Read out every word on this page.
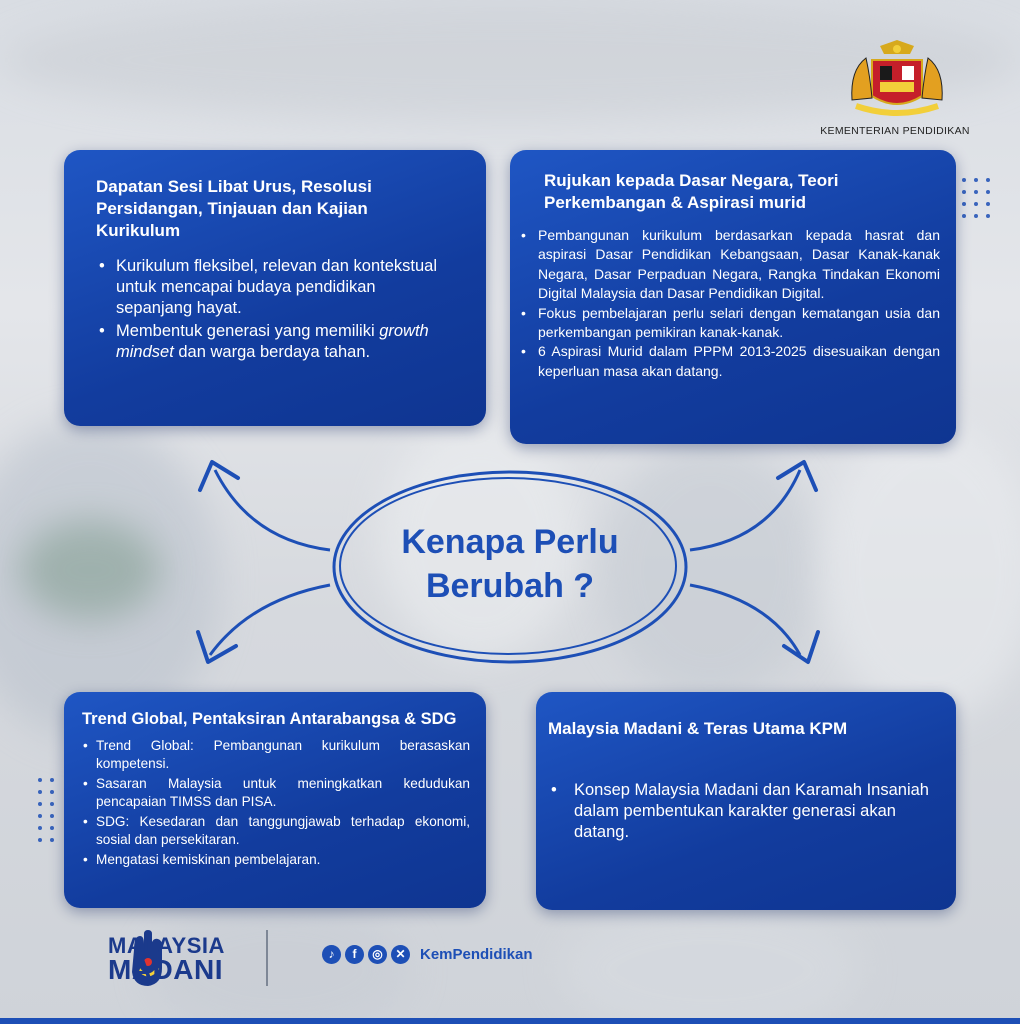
KEMENTERIAN PENDIDIKAN
Dapatan Sesi Libat Urus, Resolusi Persidangan, Tinjauan dan Kajian Kurikulum
• Kurikulum fleksibel, relevan dan kontekstual untuk mencapai budaya pendidikan sepanjang hayat.
• Membentuk generasi yang memiliki growth mindset dan warga berdaya tahan.
Rujukan kepada Dasar Negara, Teori Perkembangan & Aspirasi murid
• Pembangunan kurikulum berdasarkan kepada hasrat dan aspirasi Dasar Pendidikan Kebangsaan, Dasar Kanak-kanak Negara, Dasar Perpaduan Negara, Rangka Tindakan Ekonomi Digital Malaysia dan Dasar Pendidikan Digital.
• Fokus pembelajaran perlu selari dengan kematangan usia dan perkembangan pemikiran kanak-kanak.
• 6 Aspirasi Murid dalam PPPM 2013-2025 disesuaikan dengan keperluan masa akan datang.
Kenapa Perlu
Berubah ?
Trend Global, Pentaksiran Antarabangsa & SDG
• Trend Global: Pembangunan kurikulum berasaskan kompetensi.
• Sasaran Malaysia untuk meningkatkan kedudukan pencapaian TIMSS dan PISA.
• SDG: Kesedaran dan tanggungjawab terhadap ekonomi, sosial dan persekitaran.
• Mengatasi kemiskinan pembelajaran.
Malaysia Madani & Teras Utama KPM
• Konsep Malaysia Madani dan Karamah Insaniah dalam pembentukan karakter generasi akan datang.
MALAYSIA
MADANI	♪	f	◎	✕ KemPendidikan
